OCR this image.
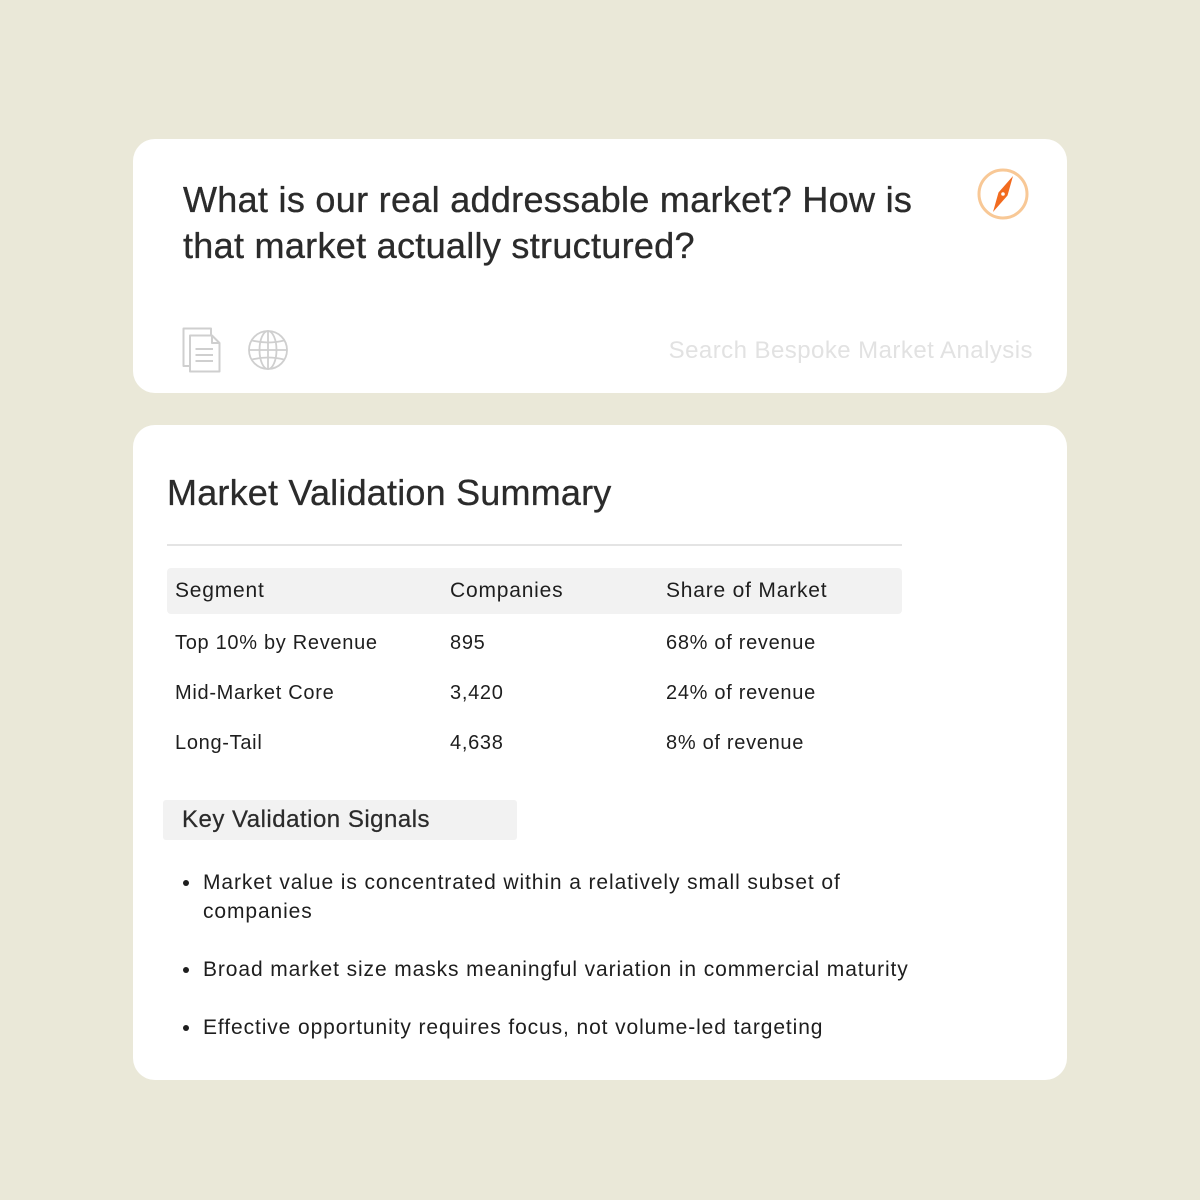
What is our real addressable market? How is that market actually structured?
Search Bespoke Market Analysis
Market Validation Summary
Segment	Companies	Share of Market
Top 10% by Revenue	895	68% of revenue
Mid-Market Core	3,420	24% of revenue
Long-Tail	4,638	8% of revenue
Key Validation Signals
Market value is concentrated within a relatively small subset of companies
Broad market size masks meaningful variation in commercial maturity
Effective opportunity requires focus, not volume-led targeting
